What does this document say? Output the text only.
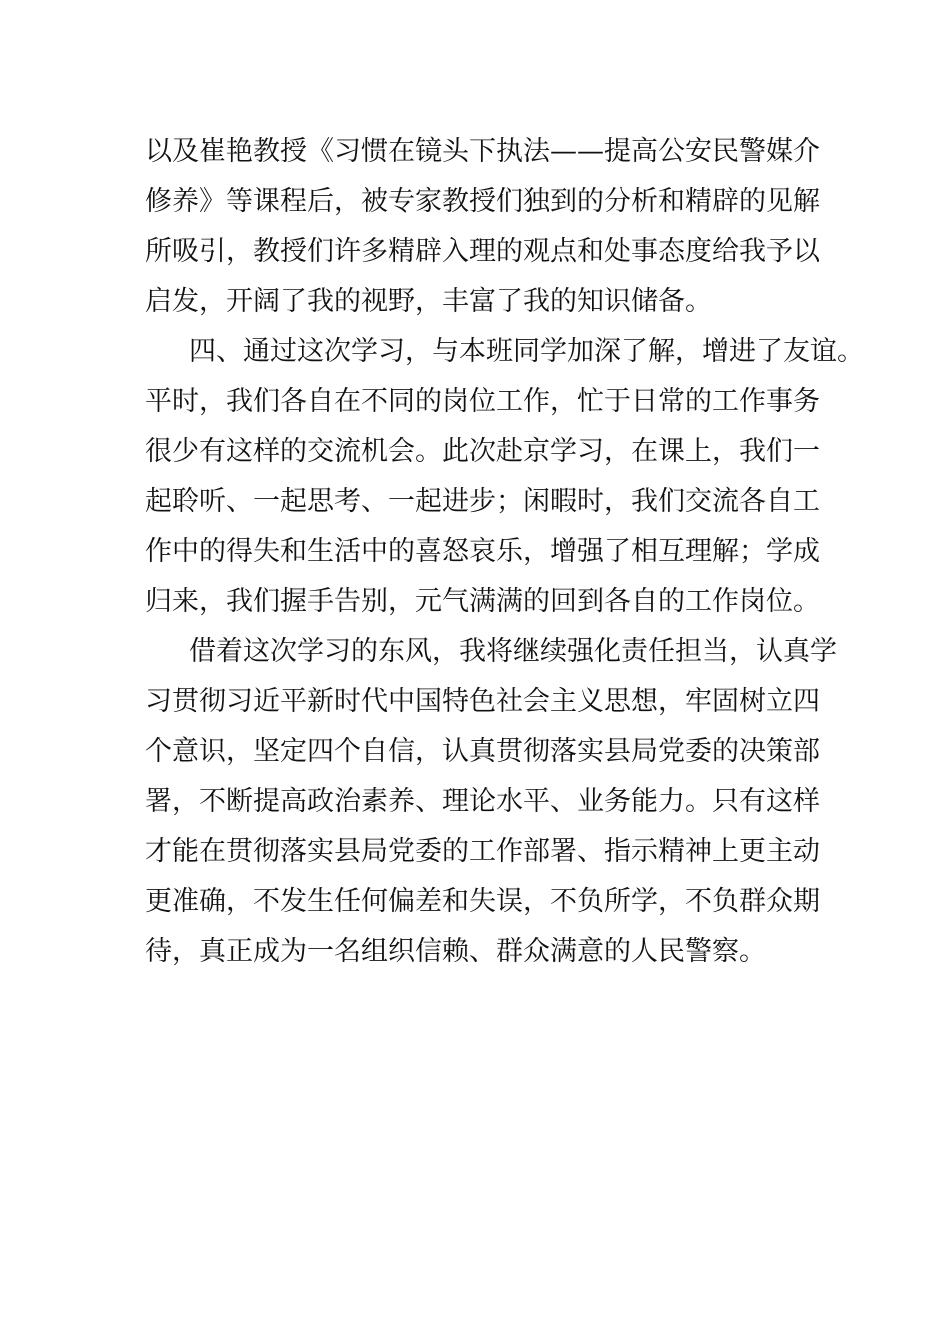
以及崔艳教授《习惯在镜头下执法——提高公安民警媒介
修养》等课程后，被专家教授们独到的分析和精辟的见解
所吸引，教授们许多精辟入理的观点和处事态度给我予以
启发，开阔了我的视野，丰富了我的知识储备。
四、通过这次学习，与本班同学加深了解，增进了友谊。
平时，我们各自在不同的岗位工作，忙于日常的工作事务
很少有这样的交流机会。此次赴京学习，在课上，我们一
起聆听、一起思考、一起进步；闲暇时，我们交流各自工
作中的得失和生活中的喜怒哀乐，增强了相互理解；学成
归来，我们握手告别，元气满满的回到各自的工作岗位。
借着这次学习的东风，我将继续强化责任担当，认真学
习贯彻习近平新时代中国特色社会主义思想，牢固树立四
个意识，坚定四个自信，认真贯彻落实县局党委的决策部
署，不断提高政治素养、理论水平、业务能力。只有这样
才能在贯彻落实县局党委的工作部署、指示精神上更主动
更准确，不发生任何偏差和失误，不负所学，不负群众期
待，真正成为一名组织信赖、群众满意的人民警察。
